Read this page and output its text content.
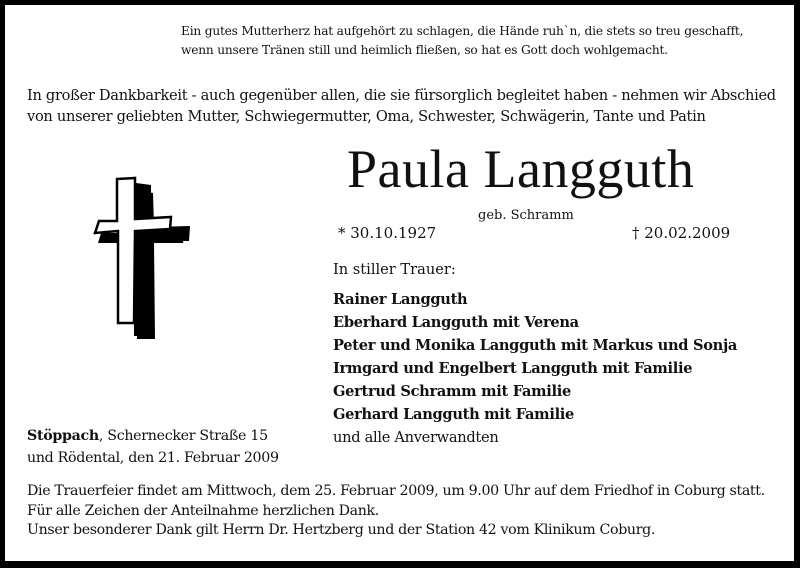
Ein gutes Mutterherz hat aufgehört zu schlagen, die Hände ruh`n, die stets so treu geschafft,
wenn unsere Tränen still und heimlich fließen, so hat es Gott doch wohlgemacht.
In großer Dankbarkeit - auch gegenüber allen, die sie fürsorglich begleitet haben - nehmen wir Abschied
von unserer geliebten Mutter, Schwiegermutter, Oma, Schwester, Schwägerin, Tante und Patin
Paula Langguth
geb. Schramm
* 30.10.1927	† 20.02.2009
In stiller Trauer:
Rainer Langguth
Eberhard Langguth mit Verena
Peter und Monika Langguth mit Markus und Sonja
Irmgard und Engelbert Langguth mit Familie
Gertrud Schramm mit Familie
Gerhard Langguth mit Familie
und alle Anverwandten
Stöppach, Schernecker Straße 15
und Rödental, den 21. Februar 2009
Die Trauerfeier findet am Mittwoch, dem 25. Februar 2009, um 9.00 Uhr auf dem Friedhof in Coburg statt.
Für alle Zeichen der Anteilnahme herzlichen Dank.
Unser besonderer Dank gilt Herrn Dr. Hertzberg und der Station 42 vom Klinikum Coburg.
